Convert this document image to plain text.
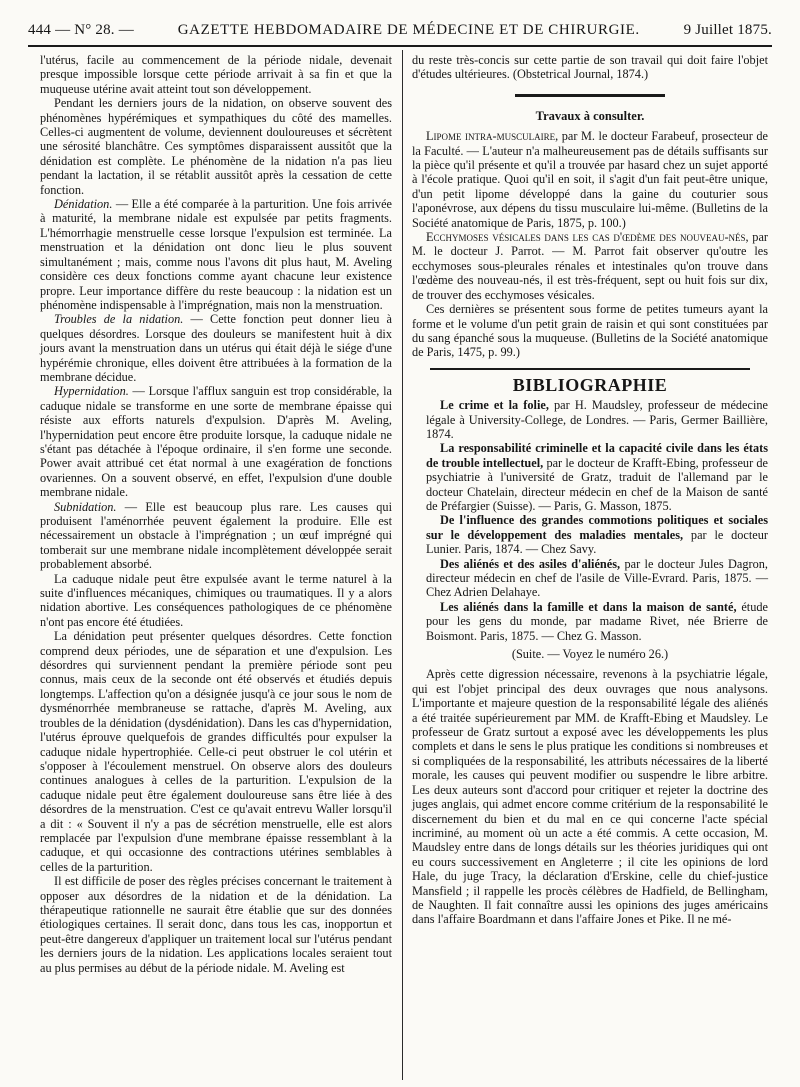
444 — N° 28. —	GAZETTE HEBDOMADAIRE DE MÉDECINE ET DE CHIRURGIE.	9 Juillet 1875.

l'utérus, facile au commencement de la période nidale, devenait presque impossible lorsque cette période arrivait à sa fin et que la muqueuse utérine avait atteint tout son développement.

Pendant les derniers jours de la nidation, on observe souvent des phénomènes hypérémiques et sympathiques du côté des mamelles. Celles-ci augmentent de volume, deviennent douloureuses et sécrètent une sérosité blanchâtre. Ces symptômes disparaissent aussitôt que la dénidation est complète. Le phénomène de la nidation n'a pas lieu pendant la lactation, il se rétablit aussitôt après la cessation de cette fonction.

Dénidation. — Elle a été comparée à la parturition. Une fois arrivée à maturité, la membrane nidale est expulsée par petits fragments. L'hémorrhagie menstruelle cesse lorsque l'expulsion est terminée. La menstruation et la dénidation ont donc lieu le plus souvent simultanément ; mais, comme nous l'avons dit plus haut, M. Aveling considère ces deux fonctions comme ayant chacune leur existence propre. Leur importance diffère du reste beaucoup : la nidation est un phénomène indispensable à l'imprégnation, mais non la menstruation.

Troubles de la nidation. — Cette fonction peut donner lieu à quelques désordres. Lorsque des douleurs se manifestent huit à dix jours avant la menstruation dans un utérus qui était déjà le siége d'une hypérémie chronique, elles doivent être attribuées à la formation de la membrane décidue.

Hypernidation. — Lorsque l'afflux sanguin est trop considérable, la caduque nidale se transforme en une sorte de membrane épaisse qui résiste aux efforts naturels d'expulsion. D'après M. Aveling, l'hypernidation peut encore être produite lorsque, la caduque nidale ne s'étant pas détachée à l'époque ordinaire, il s'en forme une seconde. Power avait attribué cet état normal à une exagération de fonctions ovariennes. On a souvent observé, en effet, l'expulsion d'une double membrane nidale.

Subnidation. — Elle est beaucoup plus rare. Les causes qui produisent l'aménorrhée peuvent également la produire. Elle est nécessairement un obstacle à l'imprégnation ; un œuf imprégné qui tomberait sur une membrane nidale incomplètement développée serait probablement absorbé.

La caduque nidale peut être expulsée avant le terme naturel à la suite d'influences mécaniques, chimiques ou traumatiques. Il y a alors nidation abortive. Les conséquences pathologiques de ce phénomène n'ont pas encore été étudiées.

La dénidation peut présenter quelques désordres. Cette fonction comprend deux périodes, une de séparation et une d'expulsion. Les désordres qui surviennent pendant la première période sont peu connus, mais ceux de la seconde ont été observés et étudiés depuis longtemps. L'affection qu'on a désignée jusqu'à ce jour sous le nom de dysménorrhée membraneuse se rattache, d'après M. Aveling, aux troubles de la dénidation (dysdénidation). Dans les cas d'hypernidation, l'utérus éprouve quelquefois de grandes difficultés pour expulser la caduque nidale hypertrophiée. Celle-ci peut obstruer le col utérin et s'opposer à l'écoulement menstruel. On observe alors des douleurs continues analogues à celles de la parturition. L'expulsion de la caduque nidale peut être également douloureuse sans être liée à des désordres de la menstruation. C'est ce qu'avait entrevu Waller lorsqu'il a dit : « Souvent il n'y a pas de sécrétion menstruelle, elle est alors remplacée par l'expulsion d'une membrane épaisse ressemblant à la caduque, et qui occasionne des contractions utérines semblables à celles de la parturition.

Il est difficile de poser des règles précises concernant le traitement à opposer aux désordres de la nidation et de la dénidation. La thérapeutique rationnelle ne saurait être établie que sur des données étiologiques certaines. Il serait donc, dans tous les cas, inopportun et peut-être dangereux d'appliquer un traitement local sur l'utérus pendant les derniers jours de la nidation. Les applications locales seraient tout au plus permises au début de la période nidale. M. Aveling est

du reste très-concis sur cette partie de son travail qui doit faire l'objet d'études ultérieures. (Obstetrical Journal, 1874.)

Travaux à consulter.

Lipome intra-musculaire, par M. le docteur Farabeuf, prosecteur de la Faculté. — L'auteur n'a malheureusement pas de détails suffisants sur la pièce qu'il présente et qu'il a trouvée par hasard chez un sujet apporté à l'école pratique. Quoi qu'il en soit, il s'agit d'un fait peut-être unique, d'un petit lipome développé dans la gaine du couturier sous l'aponévrose, aux dépens du tissu musculaire lui-même. (Bulletins de la Société anatomique de Paris, 1875, p. 100.)

Ecchymoses vésicales dans les cas d'œdème des nouveau-nés, par M. le docteur J. Parrot. — M. Parrot fait observer qu'outre les ecchymoses sous-pleurales rénales et intestinales qu'on trouve dans l'œdème des nouveau-nés, il est très-fréquent, sept ou huit fois sur dix, de trouver des ecchymoses vésicales.

Ces dernières se présentent sous forme de petites tumeurs ayant la forme et le volume d'un petit grain de raisin et qui sont constituées par du sang épanché sous la muqueuse. (Bulletins de la Société anatomique de Paris, 1475, p. 99.)

BIBLIOGRAPHIE

Le crime et la folie, par H. Maudsley, professeur de médecine légale à University-College, de Londres. — Paris, Germer Baillière, 1874.

La responsabilité criminelle et la capacité civile dans les états de trouble intellectuel, par le docteur de Krafft-Ebing, professeur de psychiatrie à l'université de Gratz, traduit de l'allemand par le docteur Chatelain, directeur médecin en chef de la Maison de santé de Préfargier (Suisse). — Paris, G. Masson, 1875.

De l'influence des grandes commotions politiques et sociales sur le développement des maladies mentales, par le docteur Lunier. Paris, 1874. — Chez Savy.

Des aliénés et des asiles d'aliénés, par le docteur Jules Dagron, directeur médecin en chef de l'asile de Ville-Evrard. Paris, 1875. — Chez Adrien Delahaye.

Les aliénés dans la famille et dans la maison de santé, étude pour les gens du monde, par madame Rivet, née Brierre de Boismont. Paris, 1875. — Chez G. Masson.

(Suite. — Voyez le numéro 26.)

Après cette digression nécessaire, revenons à la psychiatrie légale, qui est l'objet principal des deux ouvrages que nous analysons. L'importante et majeure question de la responsabilité légale des aliénés a été traitée supérieurement par MM. de Krafft-Ebing et Maudsley. Le professeur de Gratz surtout a exposé avec les développements les plus complets et dans le sens le plus pratique les conditions si nombreuses et si compliquées de la responsabilité, les attributs nécessaires de la liberté morale, les causes qui peuvent modifier ou suspendre le libre arbitre. Les deux auteurs sont d'accord pour critiquer et rejeter la doctrine des juges anglais, qui admet encore comme critérium de la responsabilité le discernement du bien et du mal en ce qui concerne l'acte spécial incriminé, au moment où un acte a été commis. A cette occasion, M. Maudsley entre dans de longs détails sur les théories juridiques qui ont eu cours successivement en Angleterre ; il cite les opinions de lord Hale, du juge Tracy, la déclaration d'Erskine, celle du chief-justice Mansfield ; il rappelle les procès célèbres de Hadfield, de Bellingham, de Naughten. Il fait connaître aussi les opinions des juges américains dans l'affaire Boardmann et dans l'affaire Jones et Pike. Il ne mé-
